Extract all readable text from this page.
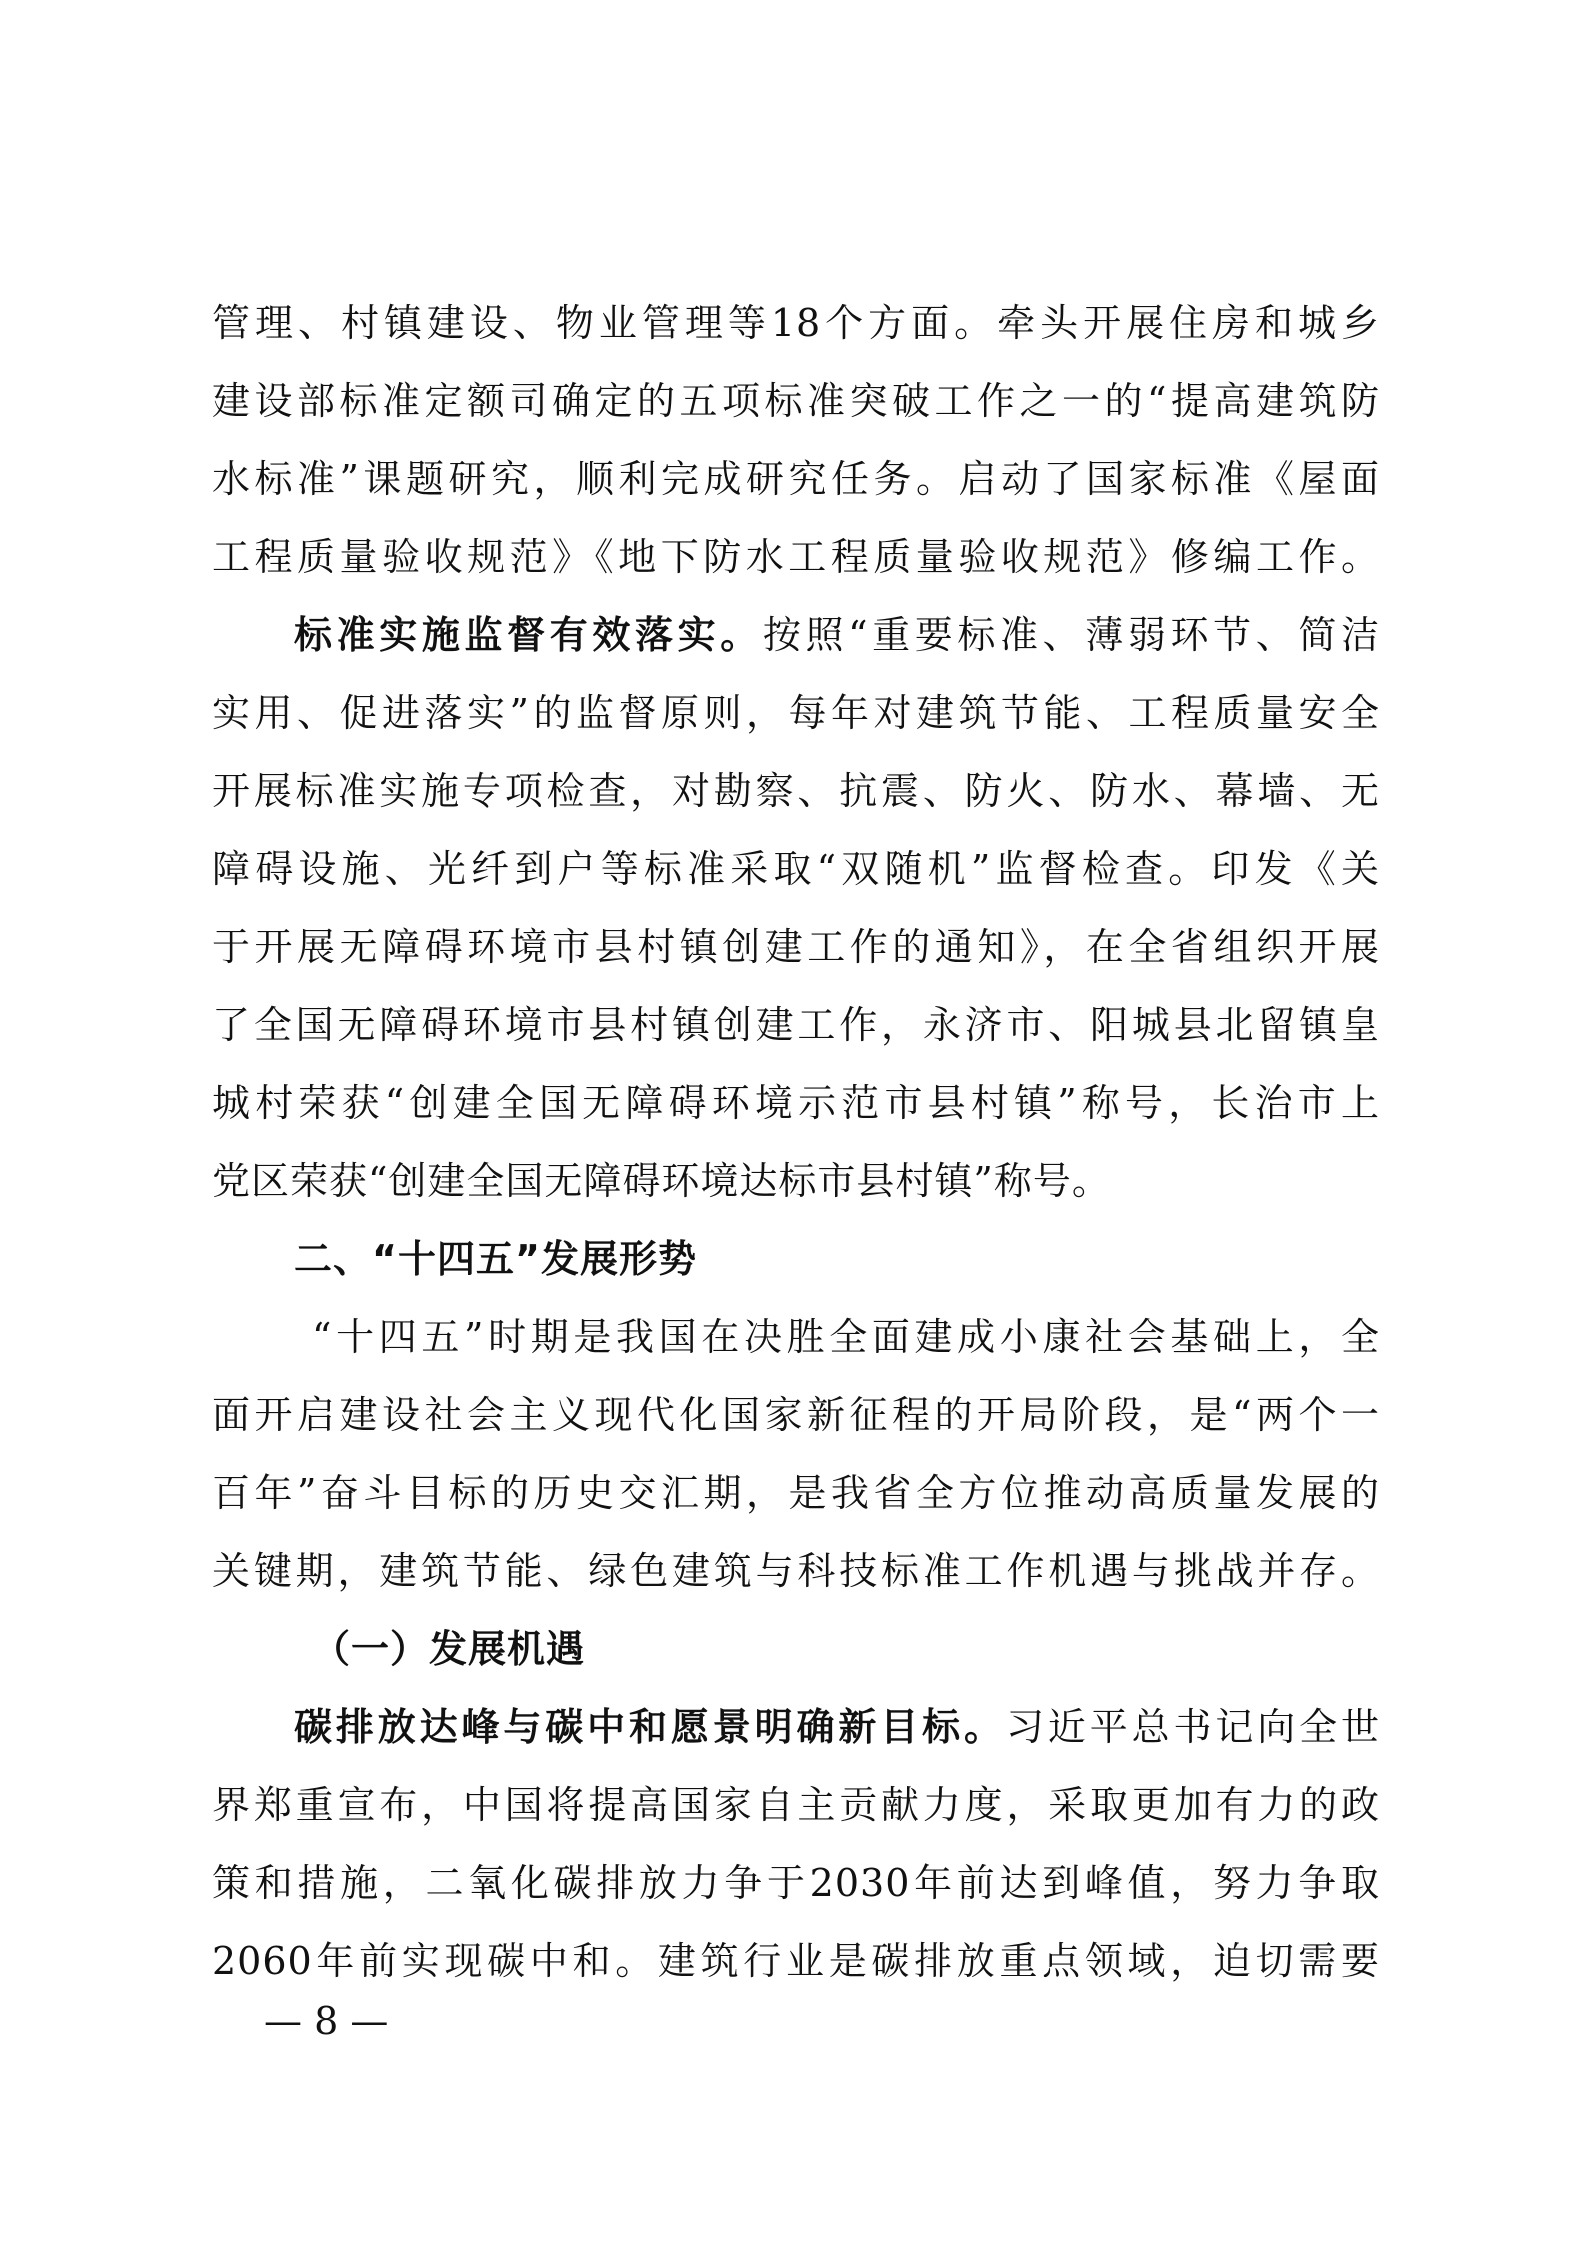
管理、村镇建设、物业管理等18个方面。牵头开展住房和城乡
建设部标准定额司确定的五项标准突破工作之一的“提高建筑防
水标准”课题研究，顺利完成研究任务。启动了国家标准《屋面
工程质量验收规范》《地下防水工程质量验收规范》修编工作。
标准实施监督有效落实。按照“重要标准、薄弱环节、简洁
实用、促进落实”的监督原则，每年对建筑节能、工程质量安全
开展标准实施专项检查，对勘察、抗震、防火、防水、幕墙、无
障碍设施、光纤到户等标准采取“双随机”监督检查。印发《关
于开展无障碍环境市县村镇创建工作的通知》，在全省组织开展
了全国无障碍环境市县村镇创建工作，永济市、阳城县北留镇皇
城村荣获“创建全国无障碍环境示范市县村镇”称号，长治市上
党区荣获“创建全国无障碍环境达标市县村镇”称号。
二、“十四五”发展形势
“十四五”时期是我国在决胜全面建成小康社会基础上，全
面开启建设社会主义现代化国家新征程的开局阶段，是“两个一
百年”奋斗目标的历史交汇期，是我省全方位推动高质量发展的
关键期，建筑节能、绿色建筑与科技标准工作机遇与挑战并存。
（一）发展机遇
碳排放达峰与碳中和愿景明确新目标。习近平总书记向全世
界郑重宣布，中国将提高国家自主贡献力度，采取更加有力的政
策和措施，二氧化碳排放力争于2030年前达到峰值，努力争取
2060年前实现碳中和。建筑行业是碳排放重点领域，迫切需要
— 8 —
